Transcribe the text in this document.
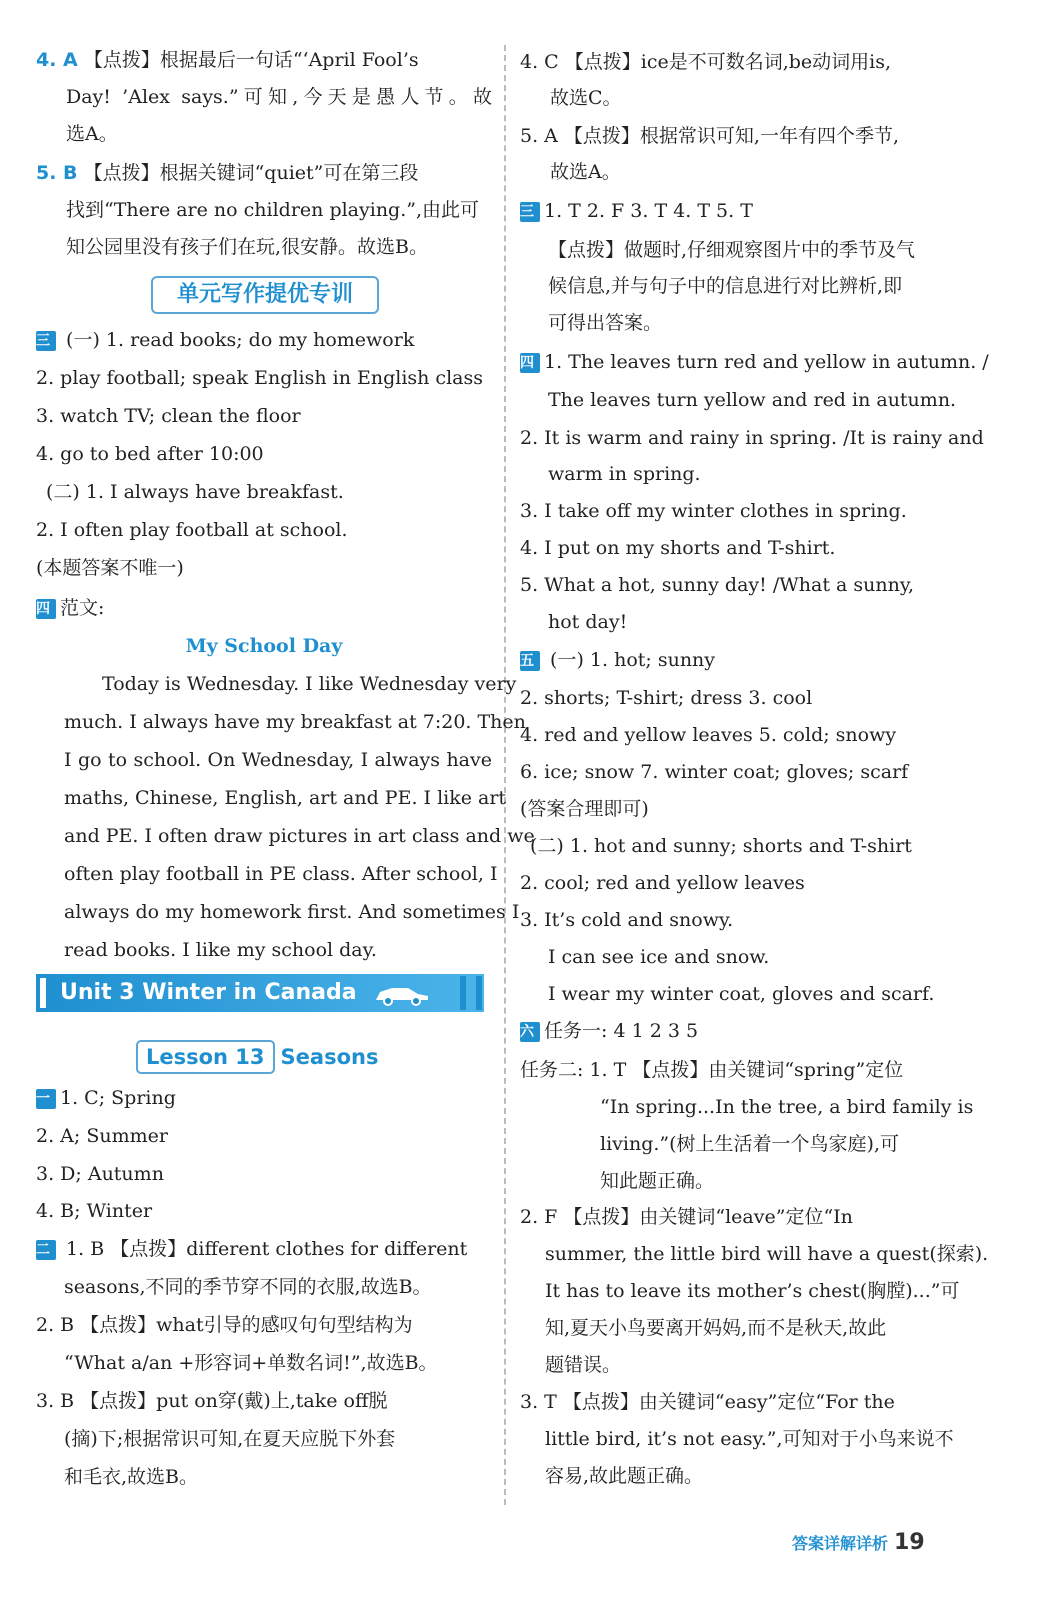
4. A 【点拨】根据最后一句话“‘April Fool’s
Day! ’Alex says.”可知,今天是愚人节。故
选A。
5. B 【点拨】根据关键词“quiet”可在第三段
找到“There are no children playing.”,由此可
知公园里没有孩子们在玩,很安静。故选B。
单元写作提优专训
三 (一) 1. read books; do my homework
2. play football; speak English in English class
3. watch TV; clean the floor
4. go to bed after 10:00
(二) 1. I always have breakfast.
2. I often play football at school.
(本题答案不唯一)
四 范文:
My School Day
Today is Wednesday. I like Wednesday very
much. I always have my breakfast at 7:20. Then
I go to school. On Wednesday, I always have
maths, Chinese, English, art and PE. I like art
and PE. I often draw pictures in art class and we
often play football in PE class. After school, I
always do my homework first. And sometimes I
read books. I like my school day.
Unit 3 Winter in Canada
Lesson 13 Seasons
一 1. C; Spring
2. A; Summer
3. D; Autumn
4. B; Winter
二 1. B 【点拨】different clothes for different
seasons,不同的季节穿不同的衣服,故选B。
2. B 【点拨】what引导的感叹句句型结构为
“What a/an +形容词+单数名词!”,故选B。
3. B 【点拨】put on穿(戴)上,take off脱
(摘)下;根据常识可知,在夏天应脱下外套
和毛衣,故选B。
4. C 【点拨】ice是不可数名词,be动词用is,
故选C。
5. A 【点拨】根据常识可知,一年有四个季节,
故选A。
三 1. T 2. F 3. T 4. T 5. T
【点拨】做题时,仔细观察图片中的季节及气
候信息,并与句子中的信息进行对比辨析,即
可得出答案。
四 1. The leaves turn red and yellow in autumn. /
The leaves turn yellow and red in autumn.
2. It is warm and rainy in spring. /It is rainy and
warm in spring.
3. I take off my winter clothes in spring.
4. I put on my shorts and T-shirt.
5. What a hot, sunny day! /What a sunny,
hot day!
五 (一) 1. hot; sunny
2. shorts; T-shirt; dress 3. cool
4. red and yellow leaves 5. cold; snowy
6. ice; snow 7. winter coat; gloves; scarf
(答案合理即可)
(二) 1. hot and sunny; shorts and T-shirt
2. cool; red and yellow leaves
3. It’s cold and snowy.
I can see ice and snow.
I wear my winter coat, gloves and scarf.
六 任务一: 4 1 2 3 5
任务二: 1. T 【点拨】由关键词“spring”定位
“In spring...In the tree, a bird family is
living.”(树上生活着一个鸟家庭),可
知此题正确。
2. F 【点拨】由关键词“leave”定位“In
summer, the little bird will have a quest(探索).
It has to leave its mother’s chest(胸膛)...”可
知,夏天小鸟要离开妈妈,而不是秋天,故此
题错误。
3. T 【点拨】由关键词“easy”定位“For the
little bird, it’s not easy.”,可知对于小鸟来说不
容易,故此题正确。
答案详解详析 19
